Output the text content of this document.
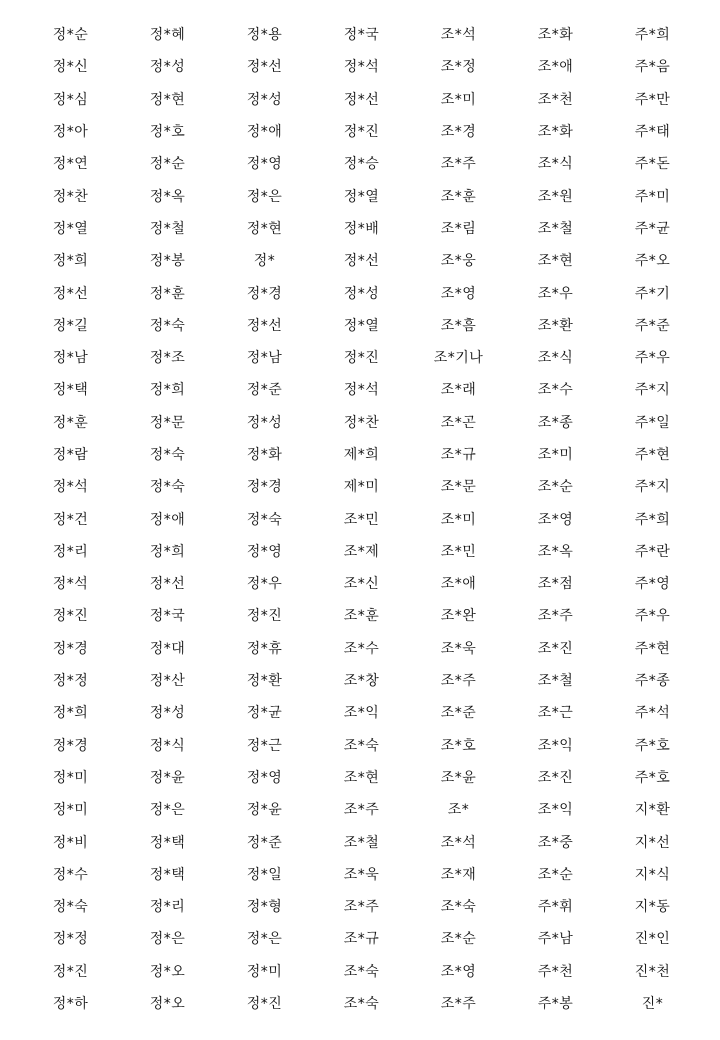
정*순	정*혜	정*용	정*국	조*석	조*화	주*희
정*신	정*성	정*선	정*석	조*정	조*애	주*음
정*심	정*현	정*성	정*선	조*미	조*천	주*만
정*아	정*호	정*애	정*진	조*경	조*화	주*태
정*연	정*순	정*영	정*승	조*주	조*식	주*돈
정*찬	정*옥	정*은	정*열	조*훈	조*원	주*미
정*열	정*철	정*현	정*배	조*림	조*철	주*균
정*희	정*봉	정*	정*선	조*웅	조*현	주*오
정*선	정*훈	정*경	정*성	조*영	조*우	주*기
정*길	정*숙	정*선	정*열	조*흠	조*환	주*준
정*남	정*조	정*남	정*진	조*기나	조*식	주*우
정*택	정*희	정*준	정*석	조*래	조*수	주*지
정*훈	정*문	정*성	정*찬	조*곤	조*종	주*일
정*람	정*숙	정*화	제*희	조*규	조*미	주*현
정*석	정*숙	정*경	제*미	조*문	조*순	주*지
정*건	정*애	정*숙	조*민	조*미	조*영	주*희
정*리	정*희	정*영	조*제	조*민	조*옥	주*란
정*석	정*선	정*우	조*신	조*애	조*점	주*영
정*진	정*국	정*진	조*훈	조*완	조*주	주*우
정*경	정*대	정*휴	조*수	조*욱	조*진	주*현
정*정	정*산	정*환	조*창	조*주	조*철	주*종
정*희	정*성	정*균	조*익	조*준	조*근	주*석
정*경	정*식	정*근	조*숙	조*호	조*익	주*호
정*미	정*윤	정*영	조*현	조*윤	조*진	주*호
정*미	정*은	정*윤	조*주	조*	조*익	지*환
정*비	정*택	정*준	조*철	조*석	조*중	지*선
정*수	정*택	정*일	조*욱	조*재	조*순	지*식
정*숙	정*리	정*형	조*주	조*숙	주*휘	지*동
정*정	정*은	정*은	조*규	조*순	주*남	진*인
정*진	정*오	정*미	조*숙	조*영	주*천	진*천
정*하	정*오	정*진	조*숙	조*주	주*봉	진*
